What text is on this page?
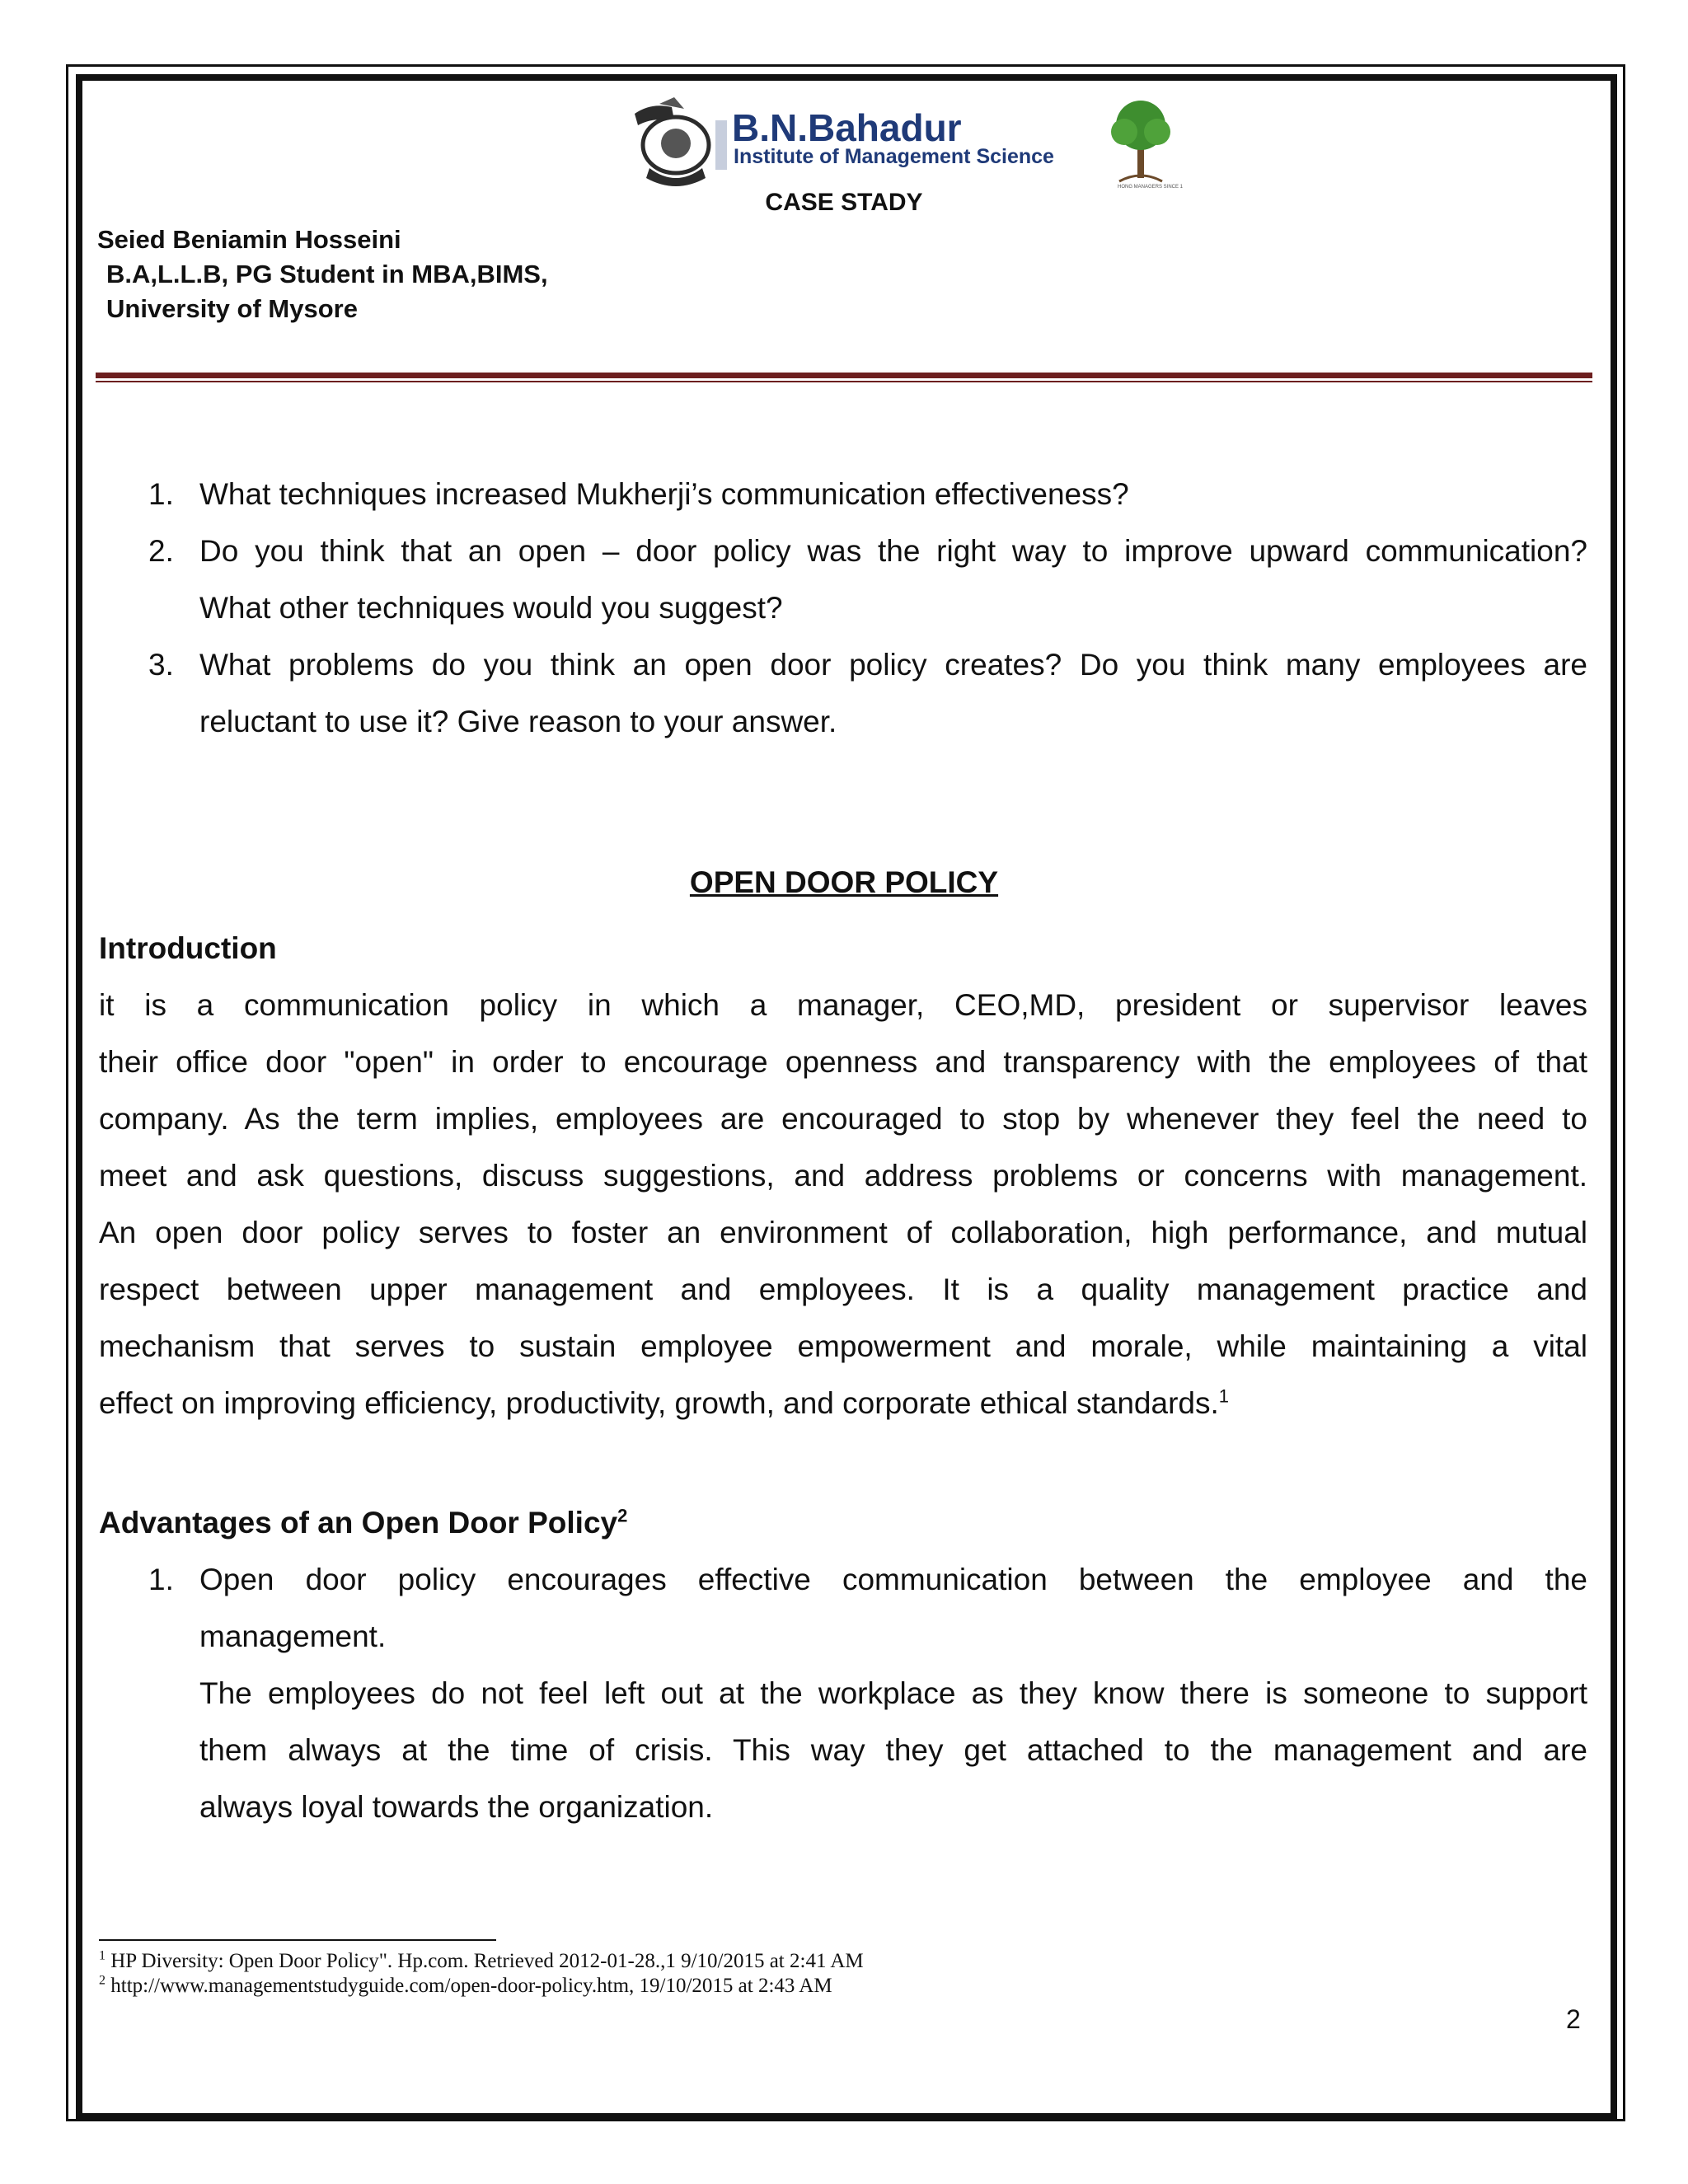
B.N.Bahadur
Institute of Management Science
HONG MANAGERS SINCE 1
CASE STADY
Seied Beniamin Hosseini
B.A,L.L.B, PG Student in MBA,BIMS,
University of Mysore
1. What techniques increased Mukherji’s communication effectiveness?
2. Do you think that an open – door policy was the right way to improve upward communication?
What other techniques would you suggest?
3. What problems do you think an open door policy creates? Do you think many employees are
reluctant to use it? Give reason to your answer.
OPEN DOOR POLICY
Introduction
it is a communication policy in which a manager, CEO,MD, president or supervisor leaves
their office door "open" in order to encourage openness and transparency with the employees of that
company. As the term implies, employees are encouraged to stop by whenever they feel the need to
meet and ask questions, discuss suggestions, and address problems or concerns with management.
An open door policy serves to foster an environment of collaboration, high performance, and mutual
respect between upper management and employees. It is a quality management practice and
mechanism that serves to sustain employee empowerment and morale, while maintaining a vital
effect on improving efficiency, productivity, growth, and corporate ethical standards.$^1$
Advantages of an Open Door Policy$^2$
1. Open door policy encourages effective communication between the employee and the
management.
The employees do not feel left out at the workplace as they know there is someone to support
them always at the time of crisis. This way they get attached to the management and are
always loyal towards the organization.
$^1$ HP Diversity: Open Door Policy". Hp.com. Retrieved 2012-01-28.,1 9/10/2015 at 2:41 AM
$^2$ http://www.managementstudyguide.com/open-door-policy.htm, 19/10/2015 at 2:43 AM
2
